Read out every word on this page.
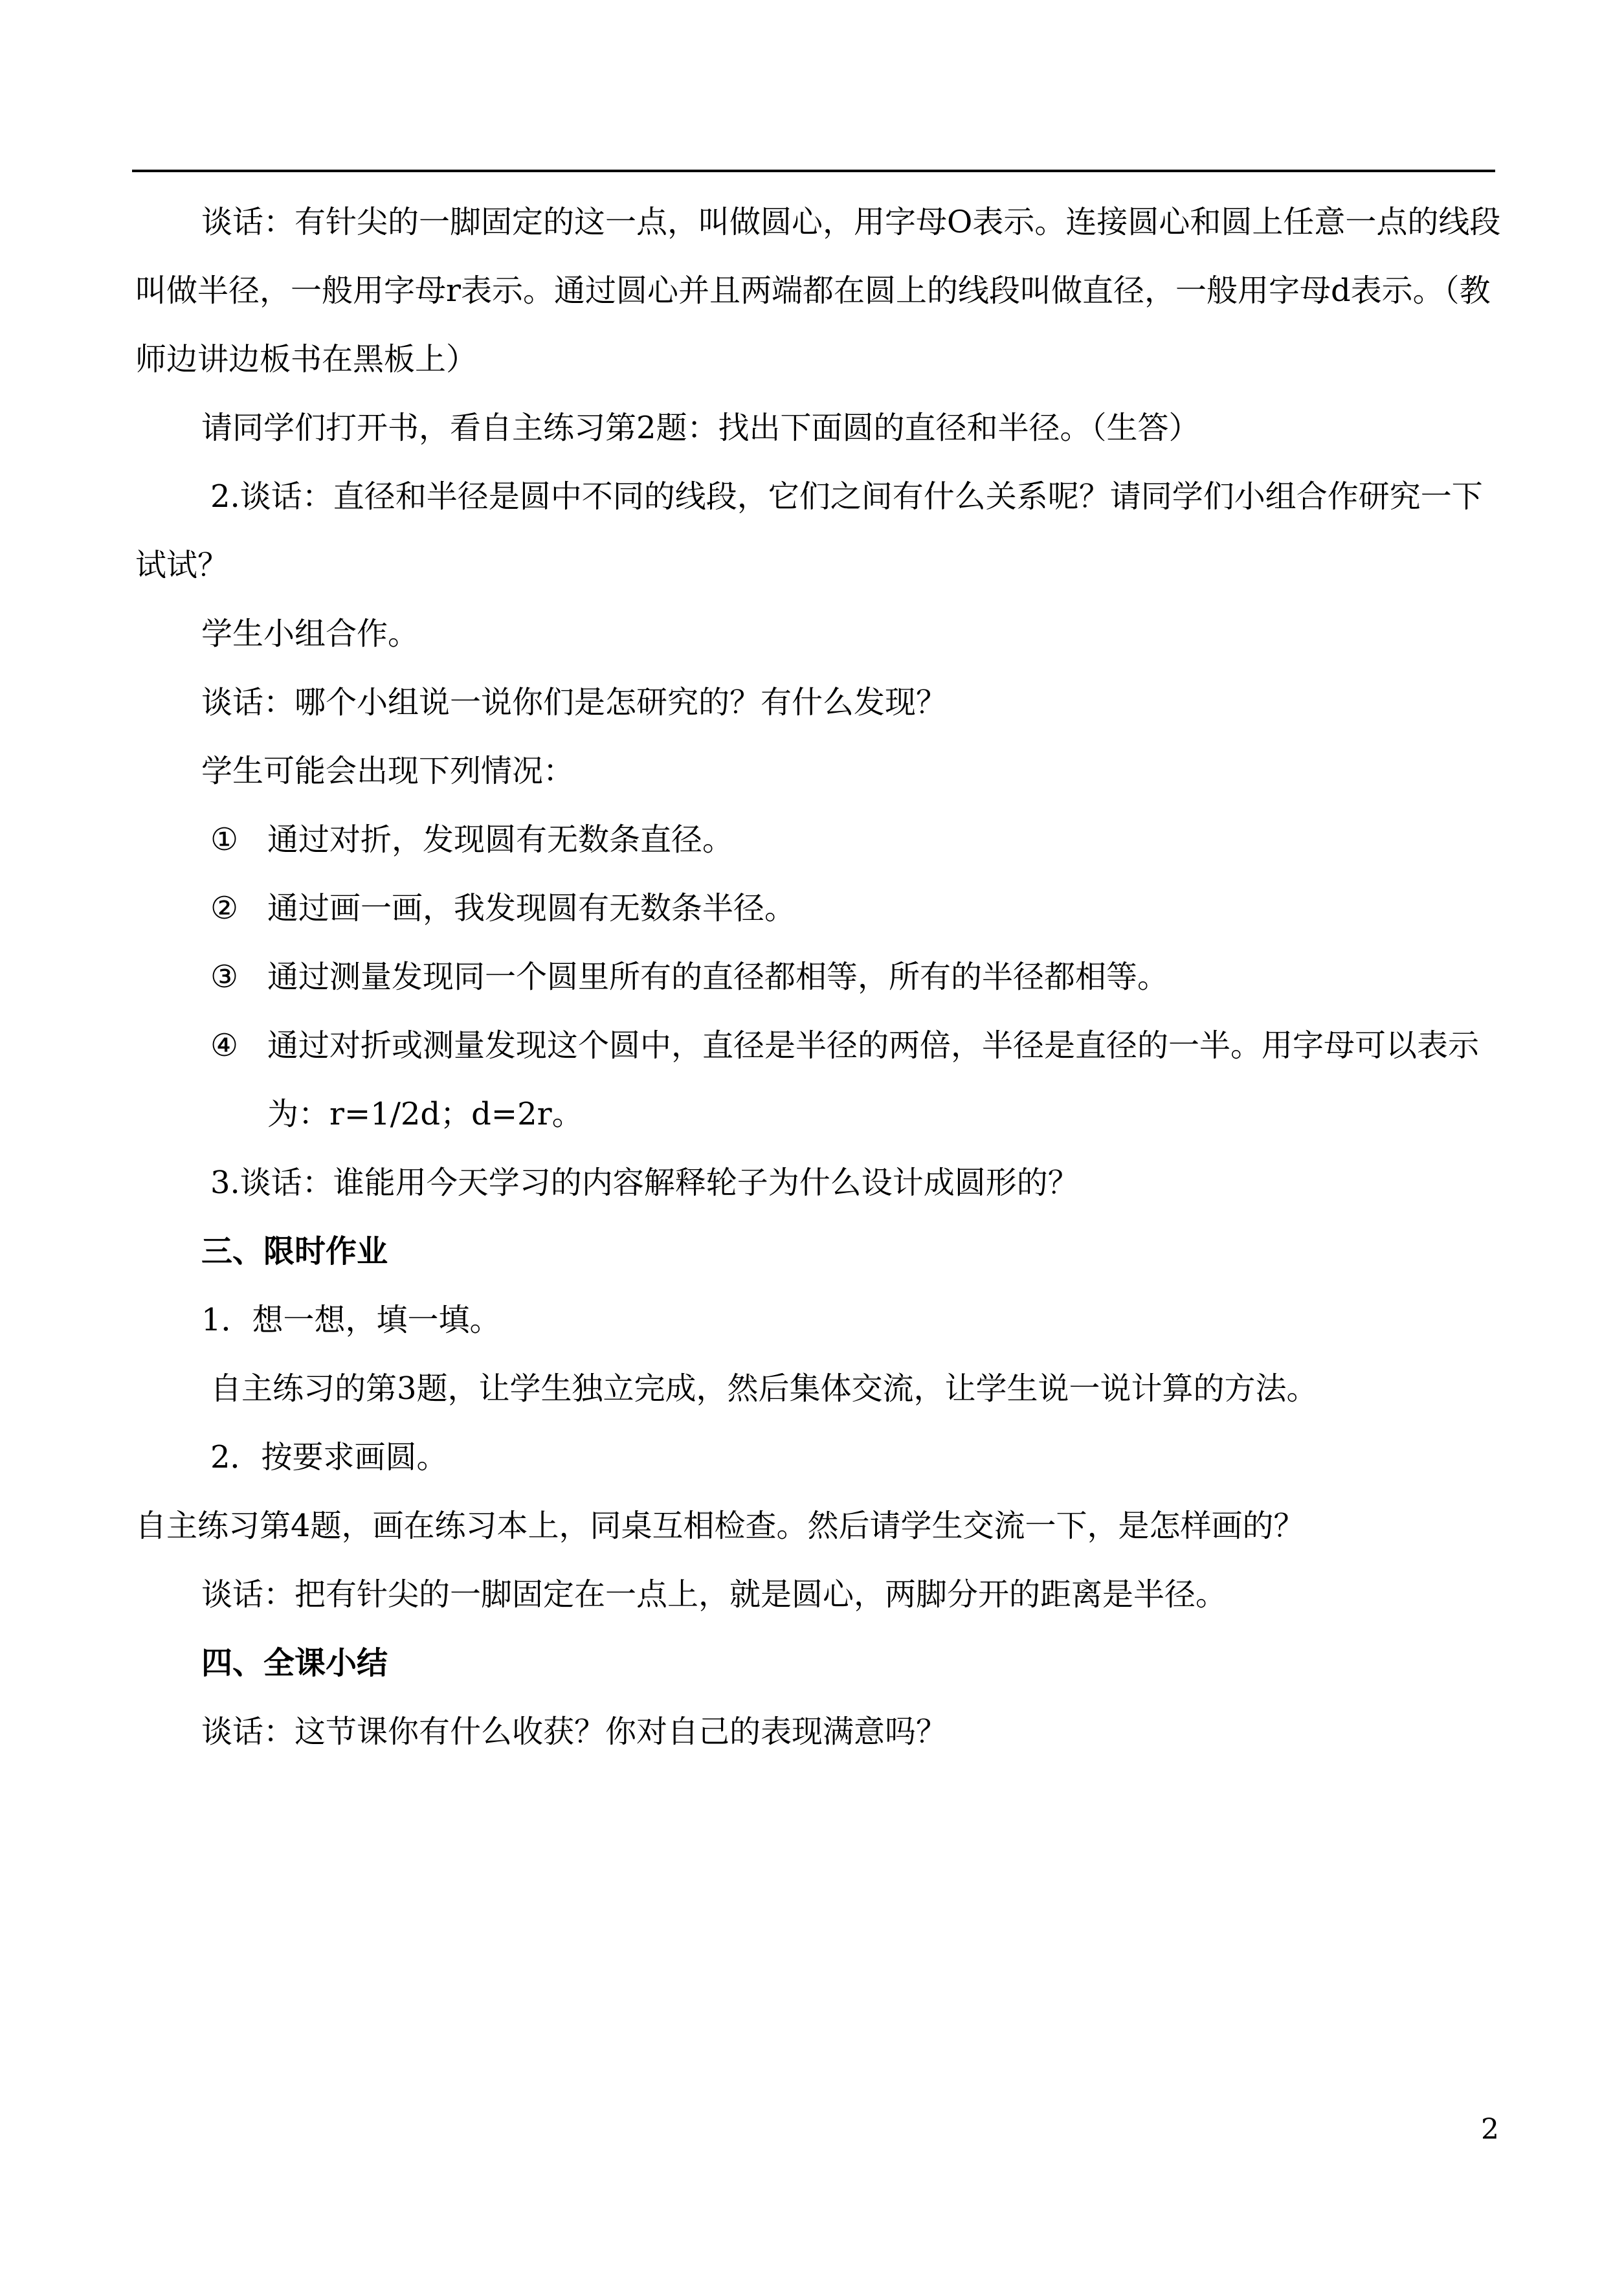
谈话：有针尖的一脚固定的这一点，叫做圆心，用字母O表示。连接圆心和圆上任意一点的线段叫做半径，一般用字母r表示。通过圆心并且两端都在圆上的线段叫做直径，一般用字母d表示。（教师边讲边板书在黑板上）

请同学们打开书，看自主练习第2题：找出下面圆的直径和半径。（生答）

2.谈话：直径和半径是圆中不同的线段，它们之间有什么关系呢？请同学们小组合作研究一下试试？

学生小组合作。

谈话：哪个小组说一说你们是怎研究的？有什么发现？

学生可能会出现下列情况：

① 通过对折，发现圆有无数条直径。
② 通过画一画，我发现圆有无数条半径。
③ 通过测量发现同一个圆里所有的直径都相等，所有的半径都相等。
④ 通过对折或测量发现这个圆中，直径是半径的两倍，半径是直径的一半。用字母可以表示为：r=1/2d；d=2r。

3.谈话：谁能用今天学习的内容解释轮子为什么设计成圆形的？

三、限时作业

1．想一想，填一填。

自主练习的第3题，让学生独立完成，然后集体交流，让学生说一说计算的方法。

2．按要求画圆。

自主练习第4题，画在练习本上，同桌互相检查。然后请学生交流一下，是怎样画的？

谈话：把有针尖的一脚固定在一点上，就是圆心，两脚分开的距离是半径。

四、全课小结

谈话：这节课你有什么收获？你对自己的表现满意吗？

2
